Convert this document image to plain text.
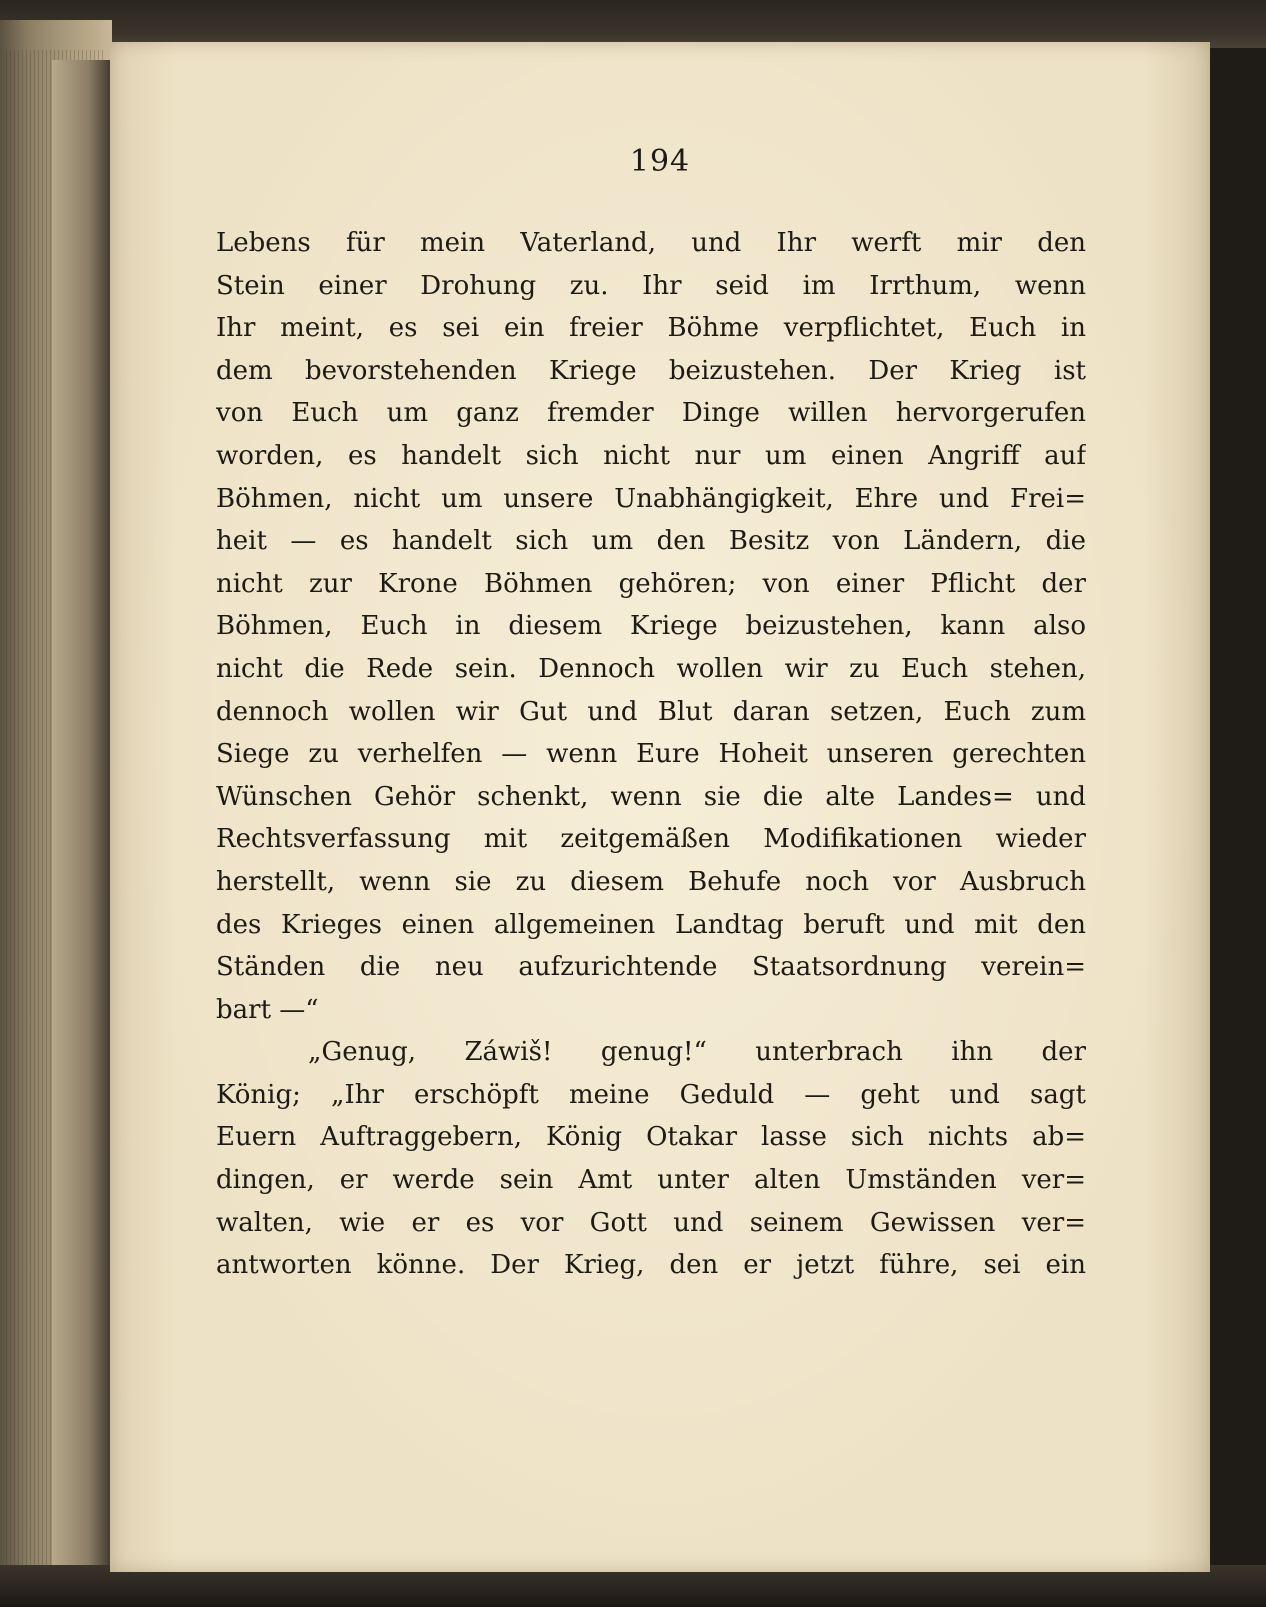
194
Lebens für mein Vaterland, und Ihr werft mir den
Stein einer Drohung zu. Ihr seid im Irrthum, wenn
Ihr meint, es sei ein freier Böhme verpflichtet, Euch in
dem bevorstehenden Kriege beizustehen. Der Krieg ist
von Euch um ganz fremder Dinge willen hervorgerufen
worden, es handelt sich nicht nur um einen Angriff auf
Böhmen, nicht um unsere Unabhängigkeit, Ehre und Frei=
heit — es handelt sich um den Besitz von Ländern, die
nicht zur Krone Böhmen gehören; von einer Pflicht der
Böhmen, Euch in diesem Kriege beizustehen, kann also
nicht die Rede sein. Dennoch wollen wir zu Euch stehen,
dennoch wollen wir Gut und Blut daran setzen, Euch zum
Siege zu verhelfen — wenn Eure Hoheit unseren gerechten
Wünschen Gehör schenkt, wenn sie die alte Landes= und
Rechtsverfassung mit zeitgemäßen Modifikationen wieder
herstellt, wenn sie zu diesem Behufe noch vor Ausbruch
des Krieges einen allgemeinen Landtag beruft und mit den
Ständen die neu aufzurichtende Staatsordnung verein=
bart —“
„Genug, Záwiš! genug!“ unterbrach ihn der
König; „Ihr erschöpft meine Geduld — geht und sagt
Euern Auftraggebern, König Otakar lasse sich nichts ab=
dingen, er werde sein Amt unter alten Umständen ver=
walten, wie er es vor Gott und seinem Gewissen ver=
antworten könne. Der Krieg, den er jetzt führe, sei ein
